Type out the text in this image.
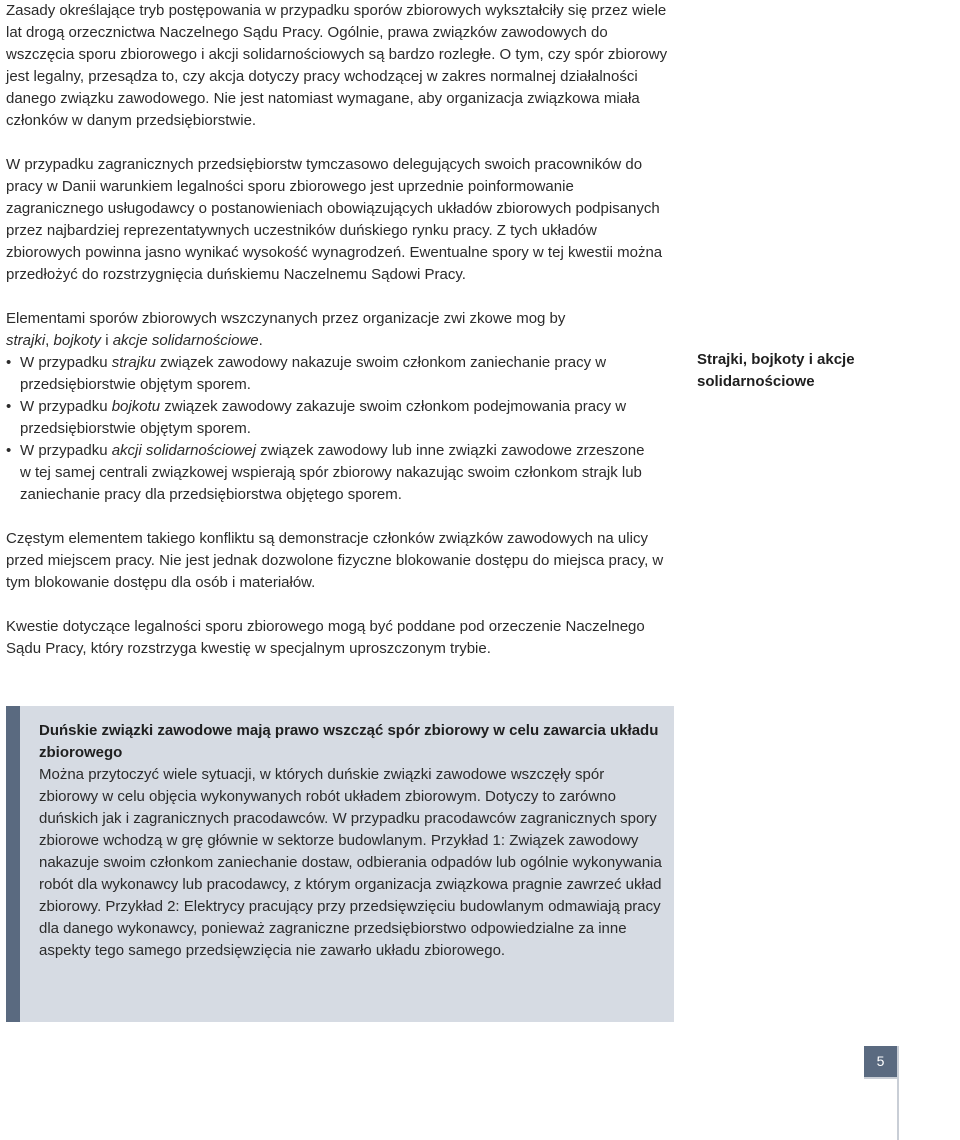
Zasady określające tryb postępowania w przypadku sporów zbiorowych wykształciły się przez wiele lat drogą orzecznictwa Naczelnego Sądu Pracy. Ogólnie, prawa związków zawodowych do wszczęcia sporu zbiorowego i akcji solidarnościowych są bardzo rozległe. O tym, czy spór zbiorowy jest legalny, przesądza to, czy akcja dotyczy pracy wchodzącej w zakres normalnej działalności danego związku zawodowego. Nie jest natomiast wymagane, aby organizacja związkowa miała członków w danym przedsiębiorstwie.

W przypadku zagranicznych przedsiębiorstw tymczasowo delegujących swoich pracowników do pracy w Danii warunkiem legalności sporu zbiorowego jest uprzednie poinformowanie zagranicznego usługodawcy o postanowieniach obowiązujących układów zbiorowych podpisanych przez najbardziej reprezentatywnych uczestników duńskiego rynku pracy. Z tych układów zbiorowych powinna jasno wynikać wysokość wynagrodzeń. Ewentualne spory w tej kwestii można przedłożyć do rozstrzygnięcia duńskiemu Naczelnemu Sądowi Pracy.

Elementami sporów zbiorowych wszczynanych przez organizacje zwi zkowe mog by
strajki, bojkoty i akcje solidarnościowe.

• W przypadku strajku związek zawodowy nakazuje swoim członkom zaniechanie pracy w przedsiębiorstwie objętym sporem.
• W przypadku bojkotu związek zawodowy zakazuje swoim członkom podejmowania pracy w przedsiębiorstwie objętym sporem.
• W przypadku akcji solidarnościowej związek zawodowy lub inne związki zawodowe zrzeszone w tej samej centrali związkowej wspierają spór zbiorowy nakazując swoim członkom strajk lub zaniechanie pracy dla przedsiębiorstwa objętego sporem.

Częstym elementem takiego konfliktu są demonstracje członków związków zawodowych na ulicy przed miejscem pracy. Nie jest jednak dozwolone fizyczne blokowanie dostępu do miejsca pracy, w tym blokowanie dostępu dla osób i materiałów.

Kwestie dotyczące legalności sporu zbiorowego mogą być poddane pod orzeczenie Naczelnego Sądu Pracy, który rozstrzyga kwestię w specjalnym uproszczonym trybie.

Strajki, bojkoty i akcje solidarnościowe

Duńskie związki zawodowe mają prawo wszcząć spór zbiorowy w celu zawarcia układu zbiorowego

Można przytoczyć wiele sytuacji, w których duńskie związki zawodowe wszczęły spór zbiorowy w celu objęcia wykonywanych robót układem zbiorowym. Dotyczy to zarówno duńskich jak i zagranicznych pracodawców. W przypadku pracodawców zagranicznych spory zbiorowe wchodzą w grę głównie w sektorze budowlanym. Przykład 1: Związek zawodowy nakazuje swoim członkom zaniechanie dostaw, odbierania odpadów lub ogólnie wykonywania robót dla wykonawcy lub pracodawcy, z którym organizacja związkowa pragnie zawrzeć układ zbiorowy. Przykład 2: Elektrycy pracujący przy przedsięwzięciu budowlanym odmawiają pracy dla danego wykonawcy, ponieważ zagraniczne przedsiębiorstwo odpowiedzialne za inne aspekty tego samego przedsięwzięcia nie zawarło układu zbiorowego.

5
